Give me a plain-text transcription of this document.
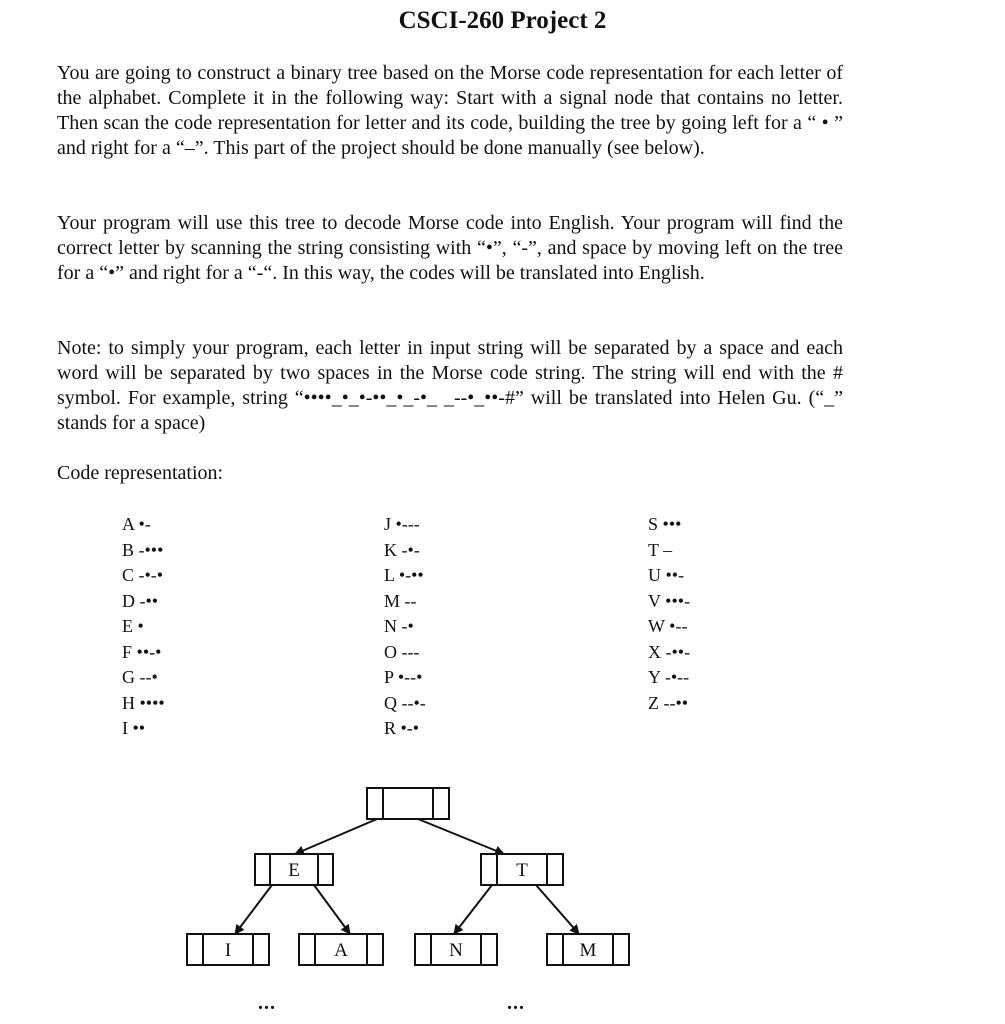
CSCI-260 Project 2

You are going to construct a binary tree based on the Morse code representation for each letter of the alphabet. Complete it in the following way: Start with a signal node that contains no letter. Then scan the code representation for letter and its code, building the tree by going left for a “ • ” and right for a “–”. This part of the project should be done manually (see below).

Your program will use this tree to decode Morse code into English. Your program will find the correct letter by scanning the string consisting with “•”, “-”, and space by moving left on the tree for a “•” and right for a “-“. In this way, the codes will be translated into English.

Note: to simply your program, each letter in input string will be separated by a space and each word will be separated by two spaces in the Morse code string. The string will end with the # symbol. For example, string “••••_•_•-••_•_-•_ _--•_••-#” will be translated into Helen Gu. (“_” stands for a space)

Code representation:
A •-
B -•••
C -•-•
D -••
E •
F ••-•
G --•
H ••••
I ••
J •---
K -•-
L •-••
M --
N -•
O ---
P •--•
Q --•-
R •-•
S •••
T –
U ••-
V •••-
W •--
X -••-
Y -•--
Z --••
E	T
I	A	N	M
...	...
